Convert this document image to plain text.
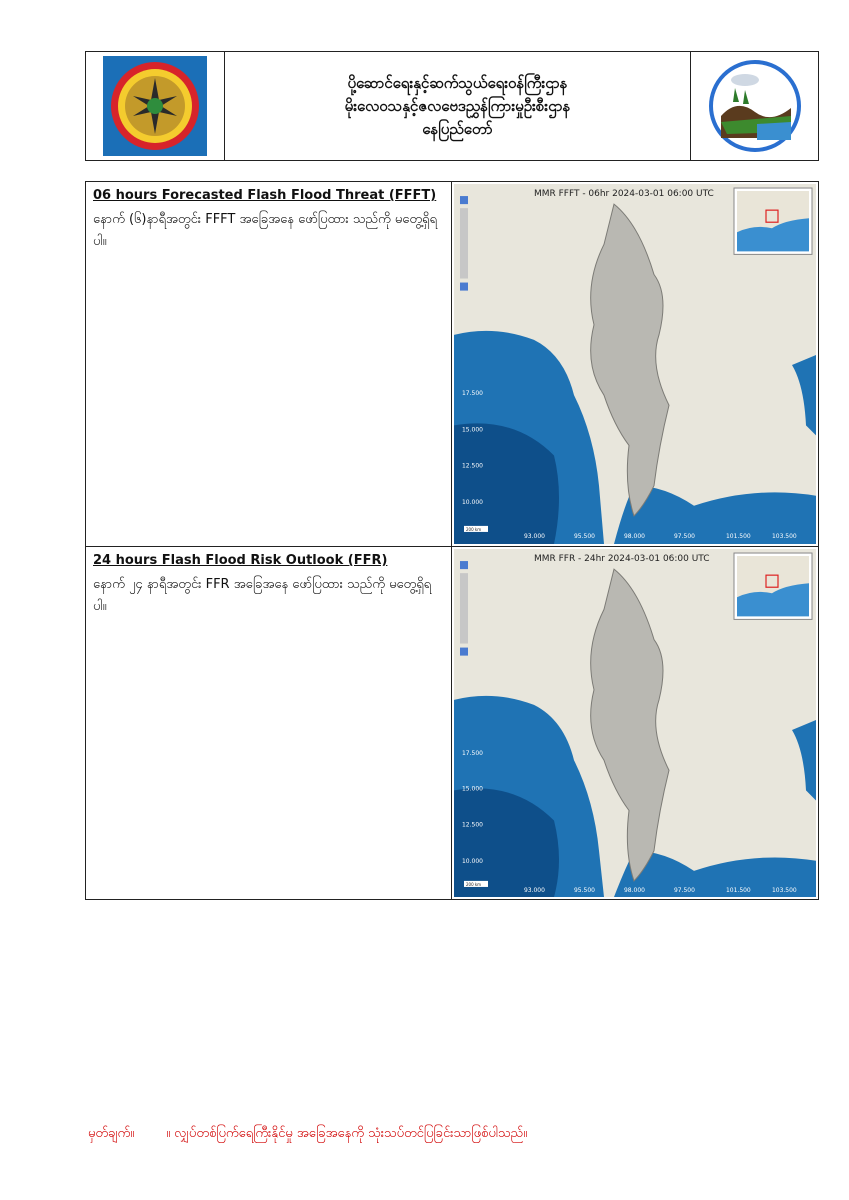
ပို့ဆောင်ရေးနှင့်ဆက်သွယ်ရေးဝန်ကြီးဌာန
မိုးလေဝသနှင့်ဇလဗေဒညွှန်ကြားမှုဦးစီးဌာန
နေပြည်တော်
06 hours Forecasted Flash Flood Threat (FFFT)
နောက် (၆)နာရီအတွင်း FFFT အခြေအနေ ဖော်ပြထား သည်ကို မတွေ့ရှိရပါ။
MMR FFFT - 06hr 2024-03-01 06:00 UTC
17.500
15.000
12.500
10.000
93.000	95.500	98.000	97.500	101.500	103.500
200 km
24 hours Flash Flood Risk Outlook (FFR)
နောက် ၂၄ နာရီအတွင်း FFR အခြေအနေ ဖော်ပြထား သည်ကို မတွေ့ရှိရပါ။
MMR FFR - 24hr 2024-03-01 06:00 UTC
17.500
15.000
12.500
10.000
93.000	95.500	98.000	97.500	101.500	103.500
200 km
မှတ်ချက်။ ။ လျှပ်တစ်ပြက်ရေကြီးနိုင်မှု အခြေအနေကို သုံးသပ်တင်ပြခြင်းသာဖြစ်ပါသည်။
